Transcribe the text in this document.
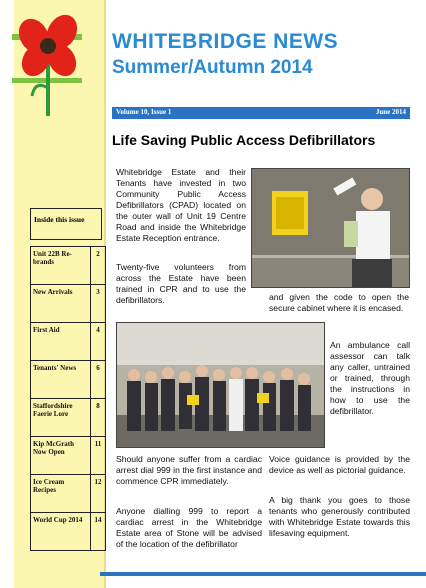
Inside this issue
Unit 22B Re-brands	2
New Arrivals	3
First Aid	4
Tenants' News	6
Staffordshire Faerie Lore	8
Kip McGrath Now Open	11
Ice Cream Recipes	12
World Cup 2014	14
WHITEBRIDGE NEWS
Summer/Autumn 2014
Volume 10, Issue 1	June 2014
Life Saving Public Access Defibrillators
Whitebridge Estate and their Tenants have invested in two Community Public Access Defibrillators (CPAD) located on the outer wall of Unit 19 Centre Road and inside the Whitebridge Estate Reception entrance.
Twenty-five volunteers from across the Estate have been trained in CPR and to use the defibrillators.	and given the code to open the secure cabinet where it is encased.
An ambulance call assessor can talk any caller, untrained or trained, through the instructions in how to use the defibrillator.
Should anyone suffer from a cardiac arrest dial 999 in the first instance and commence CPR immediately.
Anyone dialling 999 to report a cardiac arrest in the Whitebridge Estate area of Stone will be advised of the location of the defibrillator
Voice guidance is provided by the device as well as pictorial guidance.
A big thank you goes to those tenants who generously contributed with Whitebridge Estate towards this lifesaving equipment.
